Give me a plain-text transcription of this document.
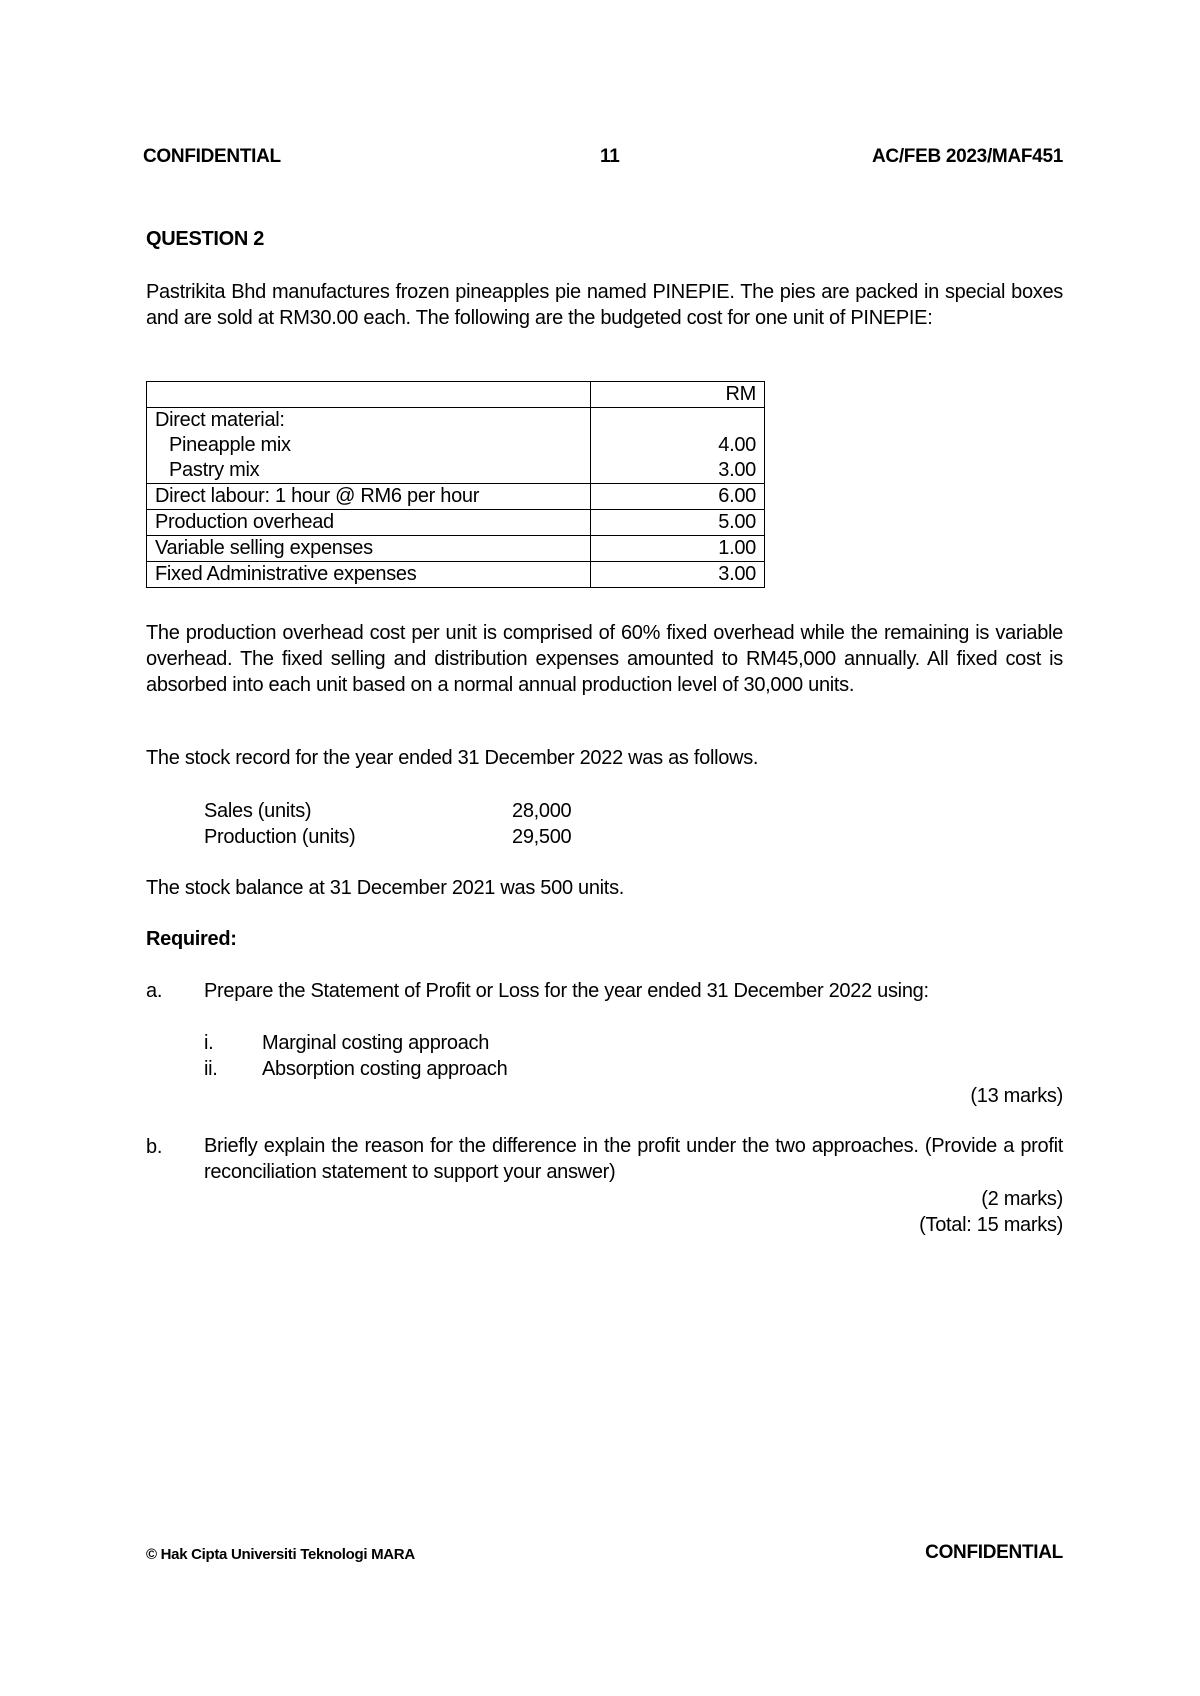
CONFIDENTIAL	11	AC/FEB 2023/MAF451
QUESTION 2

Pastrikita Bhd manufactures frozen pineapples pie named PINEPIE. The pies are packed in special boxes and are sold at RM30.00 each. The following are the budgeted cost for one unit of PINEPIE:

	RM
Direct material:	
Pineapple mix	4.00
Pastry mix	3.00
Direct labour: 1 hour @ RM6 per hour	6.00
Production overhead	5.00
Variable selling expenses	1.00
Fixed Administrative expenses	3.00

The production overhead cost per unit is comprised of 60% fixed overhead while the remaining is variable overhead. The fixed selling and distribution expenses amounted to RM45,000 annually. All fixed cost is absorbed into each unit based on a normal annual production level of 30,000 units.

The stock record for the year ended 31 December 2022 was as follows.
Sales (units)	28,000
Production (units)	29,500
The stock balance at 31 December 2021 was 500 units.
Required:
a. Prepare the Statement of Profit or Loss for the year ended 31 December 2022 using:
i. Marginal costing approach
ii. Absorption costing approach
(13 marks)
b. Briefly explain the reason for the difference in the profit under the two approaches. (Provide a profit reconciliation statement to support your answer)

(2 marks)
(Total: 15 marks)
© Hak Cipta Universiti Teknologi MARA	CONFIDENTIAL
